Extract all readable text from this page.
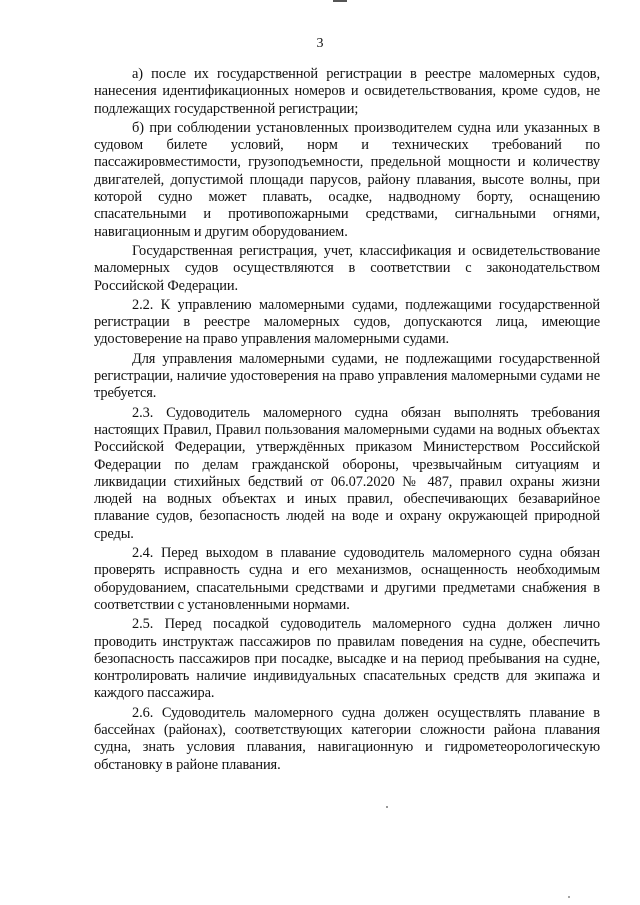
3

а) после их государственной регистрации в реестре маломерных судов, нанесения идентификационных номеров и освидетельствования, кроме судов, не подлежащих государственной регистрации;

б) при соблюдении установленных производителем судна или указанных в судовом билете условий, норм и технических требований по пассажировместимости, грузоподъемности, предельной мощности и количеству двигателей, допустимой площади парусов, району плавания, высоте волны, при которой судно может плавать, осадке, надводному борту, оснащению спасательными и противопожарными средствами, сигнальными огнями, навигационным и другим оборудованием.

Государственная регистрация, учет, классификация и освидетельствование маломерных судов осуществляются в соответствии с законодательством Российской Федерации.

2.2. К управлению маломерными судами, подлежащими государственной регистрации в реестре маломерных судов, допускаются лица, имеющие удостоверение на право управления маломерными судами.

Для управления маломерными судами, не подлежащими государственной регистрации, наличие удостоверения на право управления маломерными судами не требуется.

2.3. Судоводитель маломерного судна обязан выполнять требования настоящих Правил, Правил пользования маломерными судами на водных объектах Российской Федерации, утверждённых приказом Министерством Российской Федерации по делам гражданской обороны, чрезвычайным ситуациям и ликвидации стихийных бедствий от 06.07.2020 № 487, правил охраны жизни людей на водных объектах и иных правил, обеспечивающих безаварийное плавание судов, безопасность людей на воде и охрану окружающей природной среды.

2.4. Перед выходом в плавание судоводитель маломерного судна обязан проверять исправность судна и его механизмов, оснащенность необходимым оборудованием, спасательными средствами и другими предметами снабжения в соответствии с установленными нормами.

2.5. Перед посадкой судоводитель маломерного судна должен лично проводить инструктаж пассажиров по правилам поведения на судне, обеспечить безопасность пассажиров при посадке, высадке и на период пребывания на судне, контролировать наличие индивидуальных спасательных средств для экипажа и каждого пассажира.

2.6. Судоводитель маломерного судна должен осуществлять плавание в бассейнах (районах), соответствующих категории сложности района плавания судна, знать условия плавания, навигационную и гидрометеорологическую обстановку в районе плавания.
